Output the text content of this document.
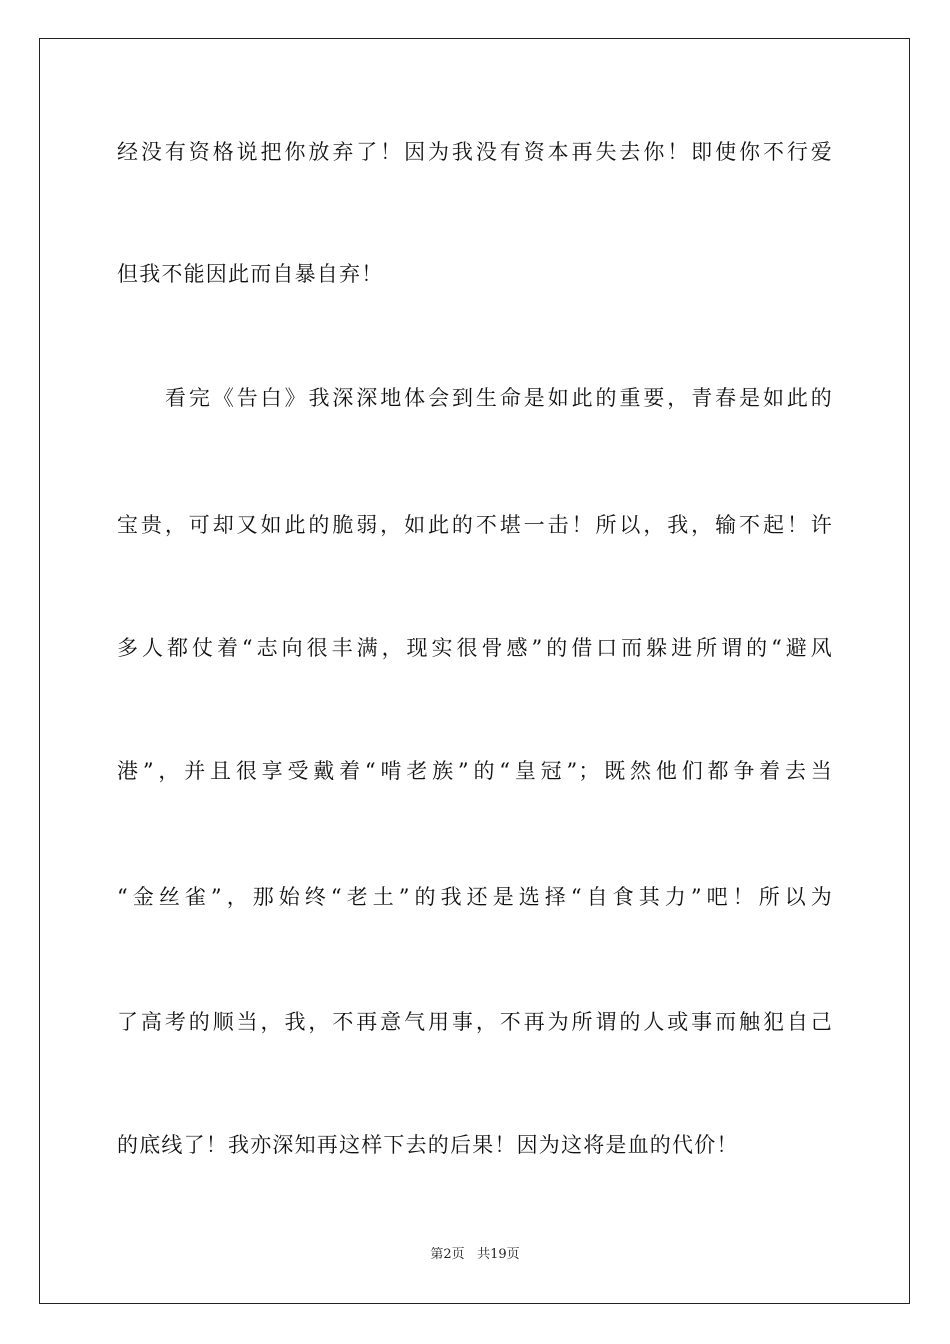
经没有资格说把你放弃了！因为我没有资本再失去你！即使你不行爱
但我不能因此而自暴自弃！
看完《告白》我深深地体会到生命是如此的重要，青春是如此的
宝贵，可却又如此的脆弱，如此的不堪一击！所以，我，输不起！许
多人都仗着“志向很丰满，现实很骨感”的借口而躲进所谓的“避风
港”，并且很享受戴着“啃老族”的“皇冠”；既然他们都争着去当
“金丝雀”，那始终“老土”的我还是选择“自食其力”吧！所以为
了高考的顺当，我，不再意气用事，不再为所谓的人或事而触犯自己
的底线了！我亦深知再这样下去的后果！因为这将是血的代价！
第2页 共19页
